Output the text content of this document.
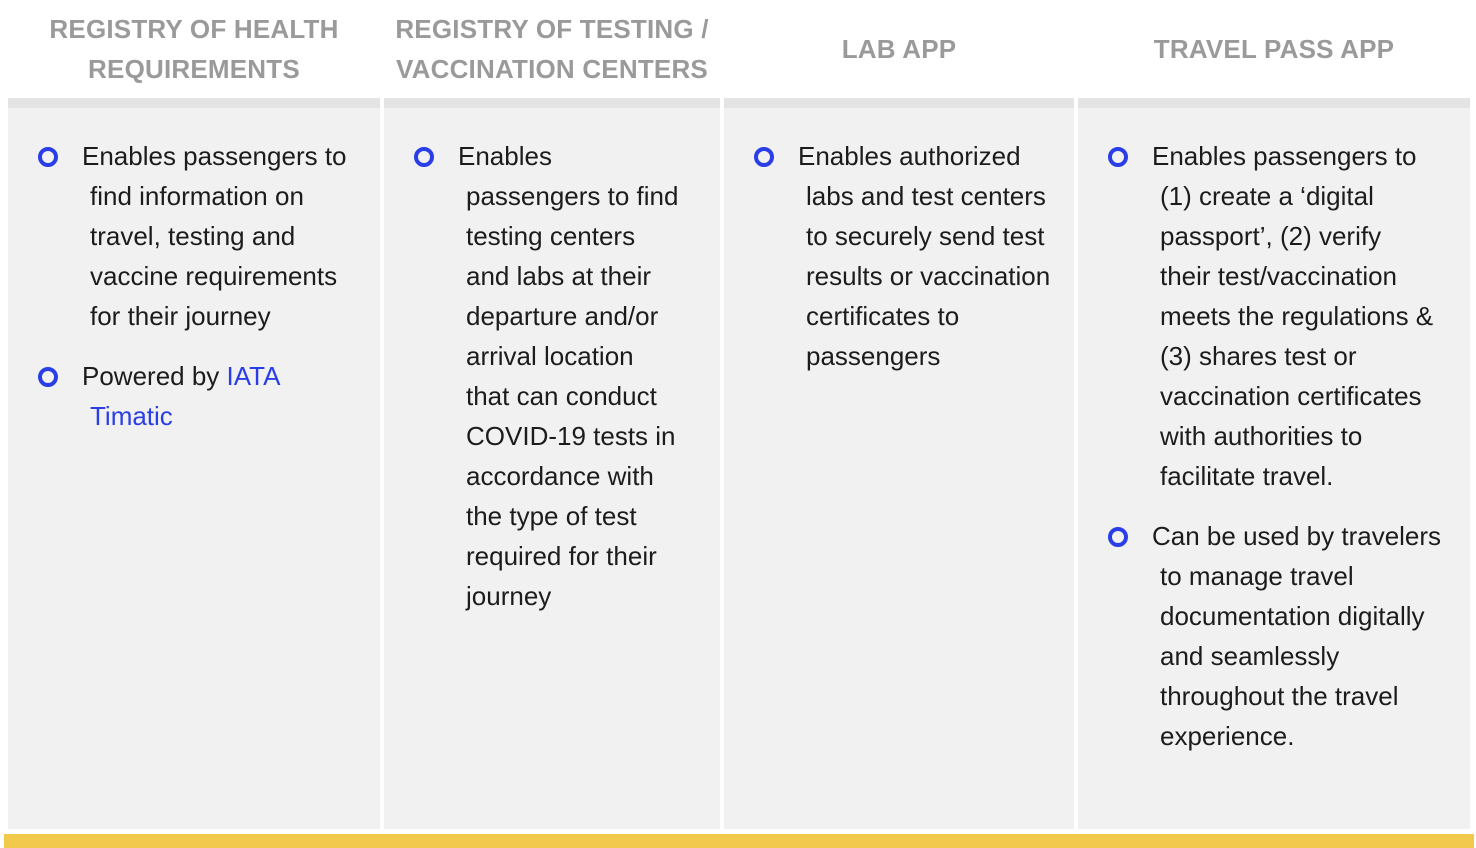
REGISTRY OF HEALTH
REQUIREMENTS
REGISTRY OF TESTING /
VACCINATION CENTERS
LAB APP	TRAVEL PASS APP
Enables passengers to find information on travel, testing and vaccine requirements for their journey
Powered by IATA Timatic
Enables passengers to find testing centers and labs at their departure and/or arrival location that can conduct COVID-19 tests in accordance with the type of test required for their journey
Enables authorized labs and test centers to securely send test results or vaccination certificates to passengers
Enables passengers to (1) create a ‘digital passport’, (2) verify their test/vaccination meets the regulations & (3) shares test or vaccination certificates with authorities to facilitate travel.
Can be used by travelers to manage travel documentation digitally and seamlessly throughout the travel experience.
